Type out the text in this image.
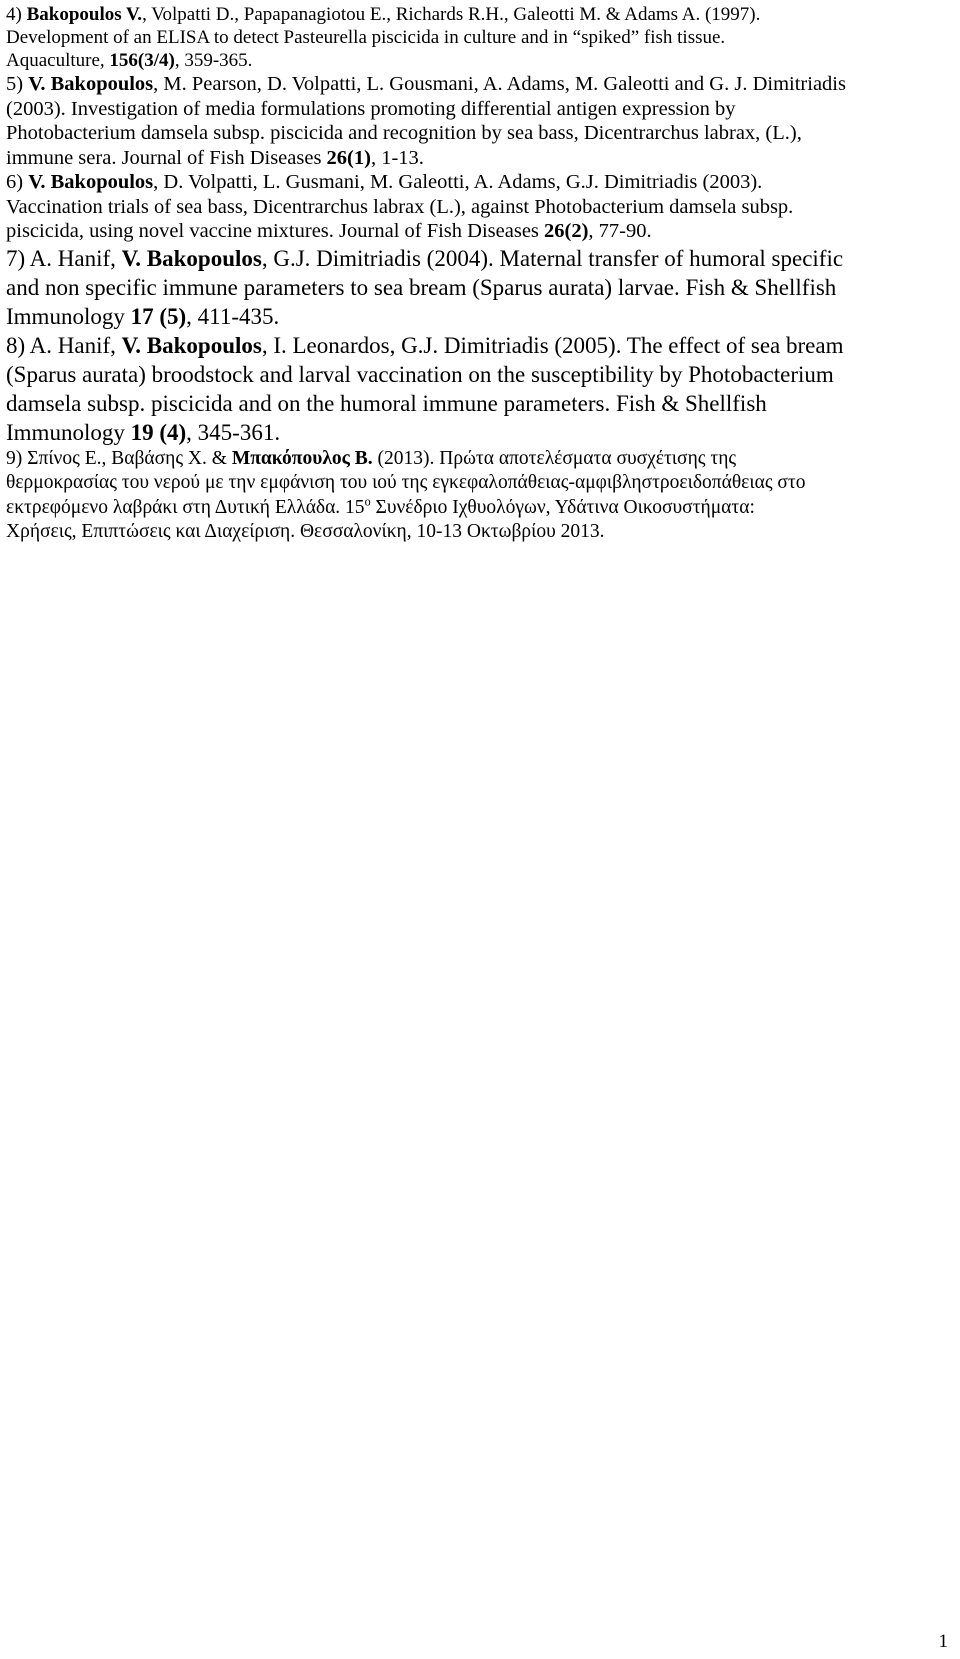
4) Bakopoulos V., Volpatti D., Papapanagiotou E., Richards R.H., Galeotti M. & Adams A. (1997).
Development of an ELISA to detect Pasteurella piscicida in culture and in “spiked” fish tissue.
Aquaculture, 156(3/4), 359-365.
5) V. Bakopoulos, M. Pearson, D. Volpatti, L. Gousmani, A. Adams, M. Galeotti and G. J. Dimitriadis
(2003). Investigation of media formulations promoting differential antigen expression by
Photobacterium damsela subsp. piscicida and recognition by sea bass, Dicentrarchus labrax, (L.),
immune sera. Journal of Fish Diseases 26(1), 1-13.
6) V. Bakopoulos, D. Volpatti, L. Gusmani, M. Galeotti, A. Adams, G.J. Dimitriadis (2003).
Vaccination trials of sea bass, Dicentrarchus labrax (L.), against Photobacterium damsela subsp.
piscicida, using novel vaccine mixtures. Journal of Fish Diseases 26(2), 77-90.
7) A. Hanif, V. Bakopoulos, G.J. Dimitriadis (2004). Maternal transfer of humoral specific
and non specific immune parameters to sea bream (Sparus aurata) larvae. Fish & Shellfish
Immunology 17 (5), 411-435.
8) A. Hanif, V. Bakopoulos, I. Leonardos, G.J. Dimitriadis (2005). The effect of sea bream
(Sparus aurata) broodstock and larval vaccination on the susceptibility by Photobacterium
damsela subsp. piscicida and on the humoral immune parameters. Fish & Shellfish
Immunology 19 (4), 345-361.
9) Σπίνος Ε., Βαβάσης Χ. & Μπακόπουλος Β. (2013). Πρώτα αποτελέσματα συσχέτισης της
θερμοκρασίας του νερού με την εμφάνιση του ιού της εγκεφαλοπάθειας-αμφιβληστροειδοπάθειας στο
εκτρεφόμενο λαβράκι στη Δυτική Ελλάδα. $15^o$ Συνέδριο Ιχθυολόγων, Υδάτινα Οικοσυστήματα:
Χρήσεις, Επιπτώσεις και Διαχείριση. Θεσσαλονίκη, 10-13 Οκτωβρίου 2013.
1
